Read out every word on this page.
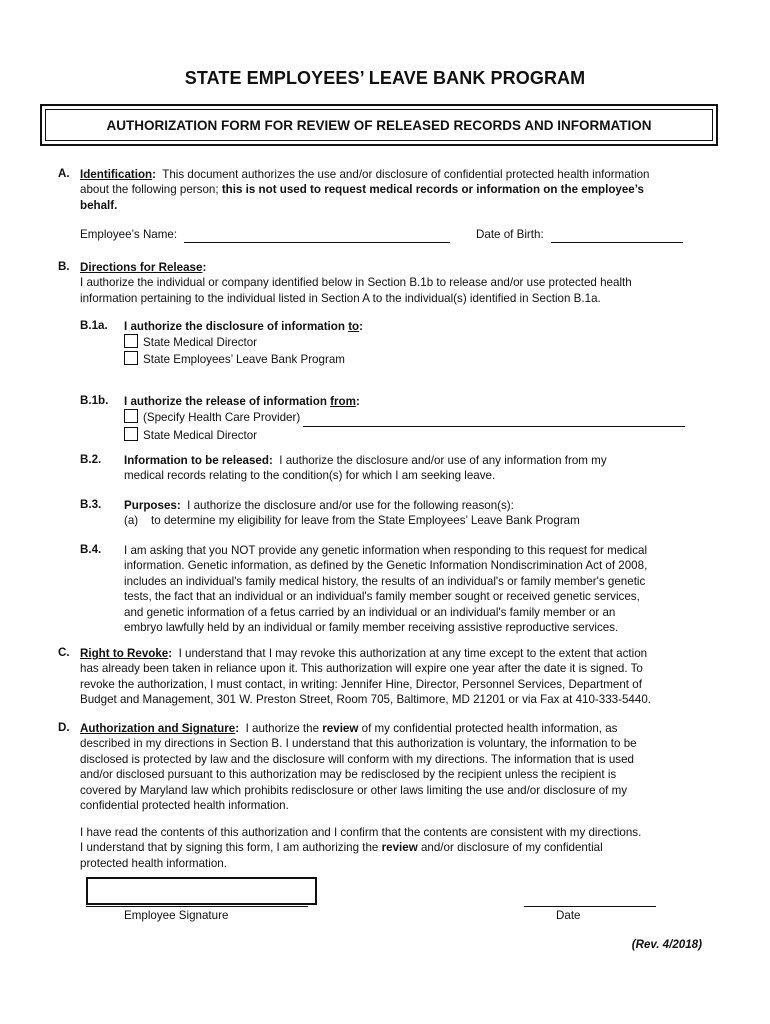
STATE EMPLOYEES’ LEAVE BANK PROGRAM
AUTHORIZATION FORM FOR REVIEW OF RELEASED RECORDS AND INFORMATION
A. Identification: This document authorizes the use and/or disclosure of confidential protected health information
about the following person; this is not used to request medical records or information on the employee’s
behalf.
Employee’s Name:	Date of Birth:
B. Directions for Release:
I authorize the individual or company identified below in Section B.1b to release and/or use protected health
information pertaining to the individual listed in Section A to the individual(s) identified in Section B.1a.
B.1a. I authorize the disclosure of information to:
State Medical Director
State Employees’ Leave Bank Program
B.1b. I authorize the release of information from:
(Specify Health Care Provider)
State Medical Director
B.2. Information to be released: I authorize the disclosure and/or use of any information from my
medical records relating to the condition(s) for which I am seeking leave.
B.3. Purposes: I authorize the disclosure and/or use for the following reason(s):
(a)    to determine my eligibility for leave from the State Employees’ Leave Bank Program
B.4. I am asking that you NOT provide any genetic information when responding to this request for medical
information. Genetic information, as defined by the Genetic Information Nondiscrimination Act of 2008,
includes an individual's family medical history, the results of an individual's or family member's genetic
tests, the fact that an individual or an individual's family member sought or received genetic services,
and genetic information of a fetus carried by an individual or an individual's family member or an
embryo lawfully held by an individual or family member receiving assistive reproductive services.
C. Right to Revoke: I understand that I may revoke this authorization at any time except to the extent that action
has already been taken in reliance upon it. This authorization will expire one year after the date it is signed. To
revoke the authorization, I must contact, in writing: Jennifer Hine, Director, Personnel Services, Department of
Budget and Management, 301 W. Preston Street, Room 705, Baltimore, MD 21201 or via Fax at 410-333-5440.
D. Authorization and Signature: I authorize the review of my confidential protected health information, as
described in my directions in Section B. I understand that this authorization is voluntary, the information to be
disclosed is protected by law and the disclosure will conform with my directions. The information that is used
and/or disclosed pursuant to this authorization may be redisclosed by the recipient unless the recipient is
covered by Maryland law which prohibits redisclosure or other laws limiting the use and/or disclosure of my
confidential protected health information.
I have read the contents of this authorization and I confirm that the contents are consistent with my directions.
I understand that by signing this form, I am authorizing the review and/or disclosure of my confidential
protected health information.
Employee Signature	Date
(Rev. 4/2018)
